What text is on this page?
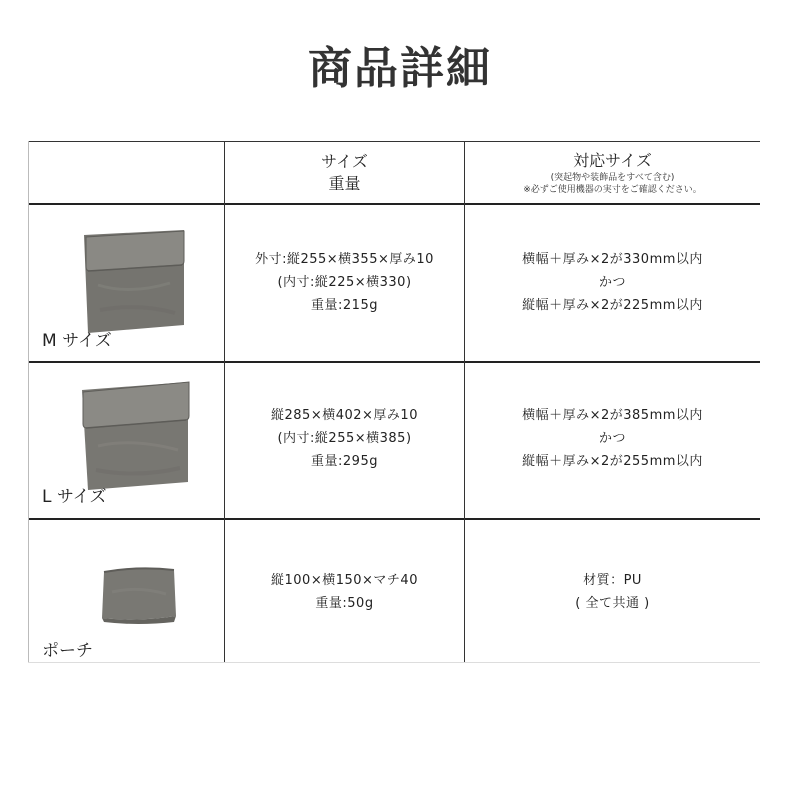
商品詳細
サイズ
重量
対応サイズ
(突起物や装飾品をすべて含む)
※必ずご使用機器の実寸をご確認ください。
M サイズ
外寸:縦255×横355×厚み10
(内寸:縦225×横330)
重量:215g
横幅＋厚み×2が330mm以内
かつ
縦幅＋厚み×2が225mm以内
L サイズ
縦285×横402×厚み10
(内寸:縦255×横385)
重量:295g
横幅＋厚み×2が385mm以内
かつ
縦幅＋厚み×2が255mm以内
ポーチ
縦100×横150×マチ40
重量:50g
材質：PU
( 全て共通 )
